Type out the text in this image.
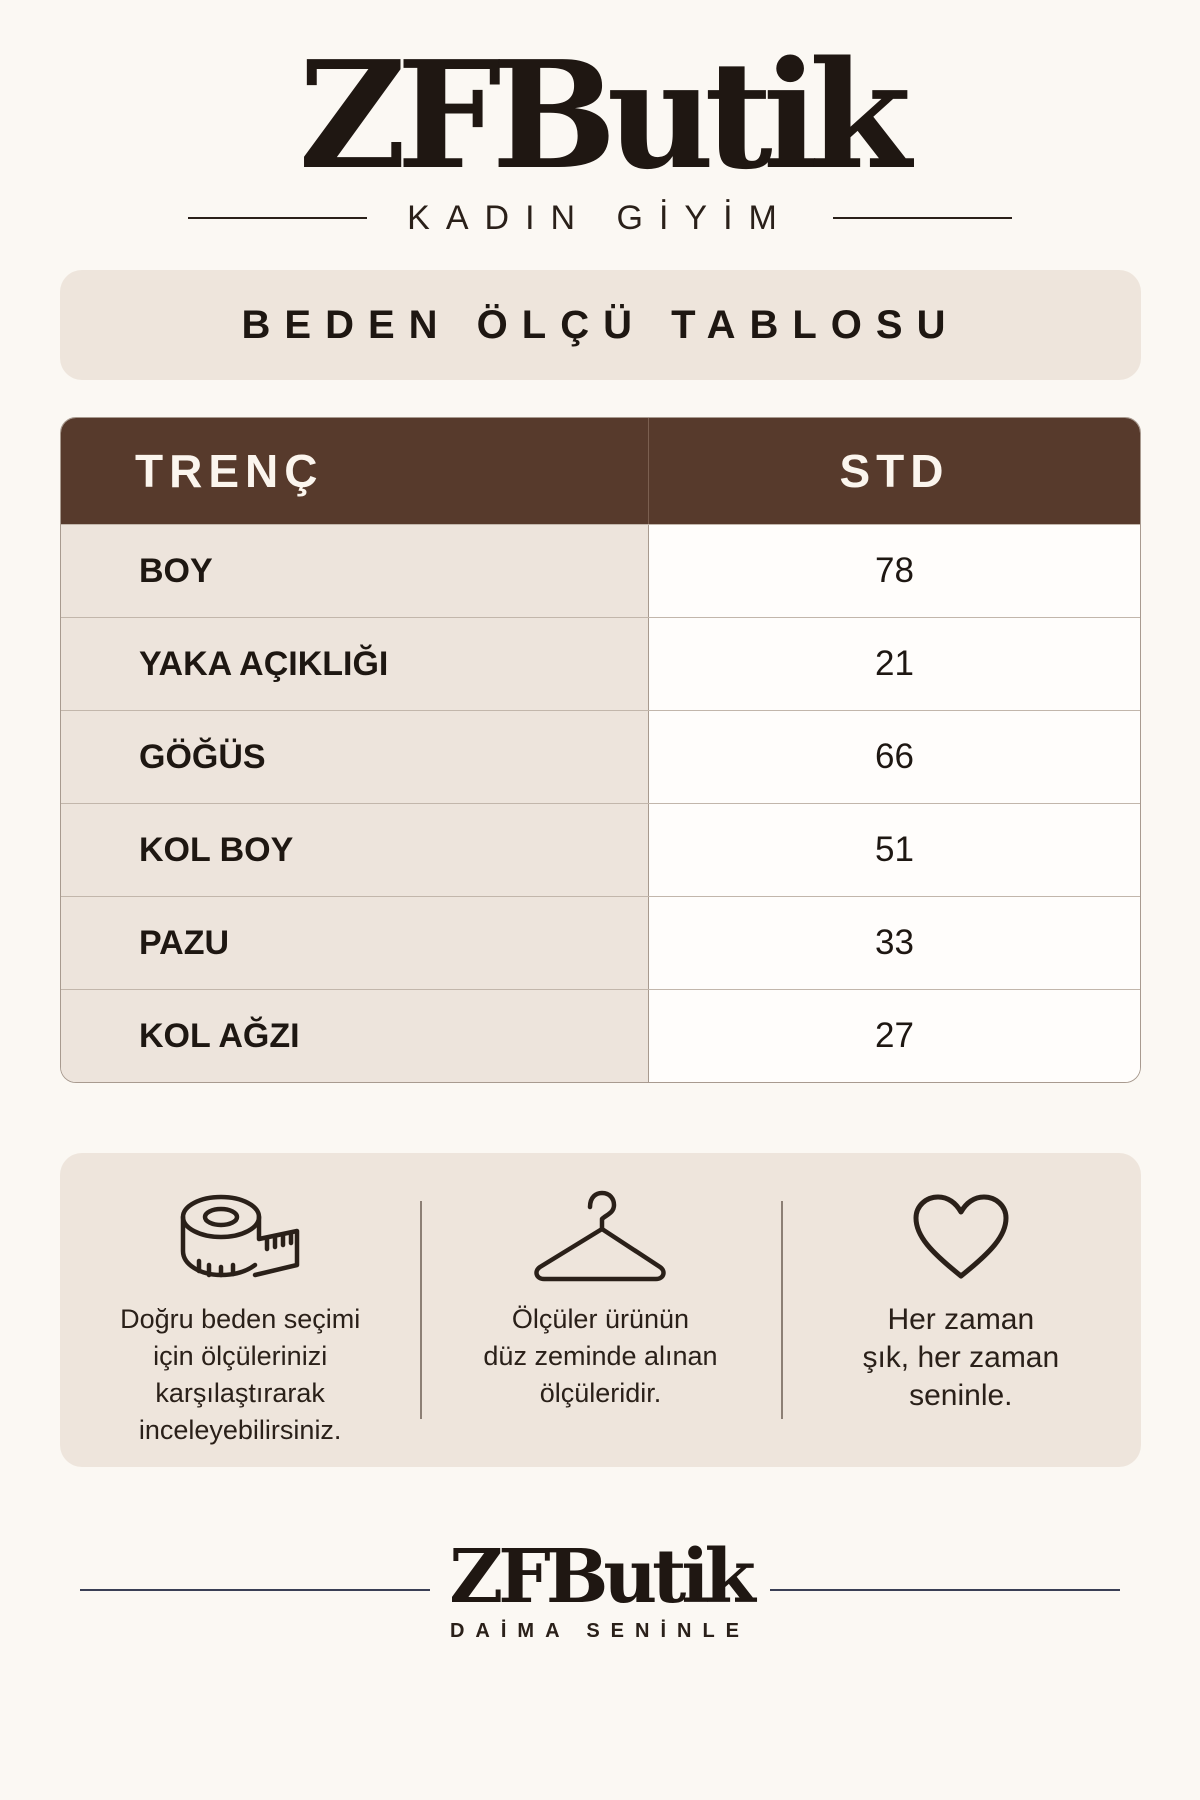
ZFButik
KADIN GİYİM
BEDEN ÖLÇÜ TABLOSU
TRENÇ	STD
BOY	78
YAKA AÇIKLIĞI	21
GÖĞÜS	66
KOL BOY	51
PAZU	33
KOL AĞZI	27
Doğru beden seçimi
için ölçülerinizi
karşılaştırarak
inceleyebilirsiniz.
Ölçüler ürünün
düz zeminde alınan
ölçüleridir.
Her zaman
şık, her zaman
seninle.
ZFButik
DAİMA SENİNLE
